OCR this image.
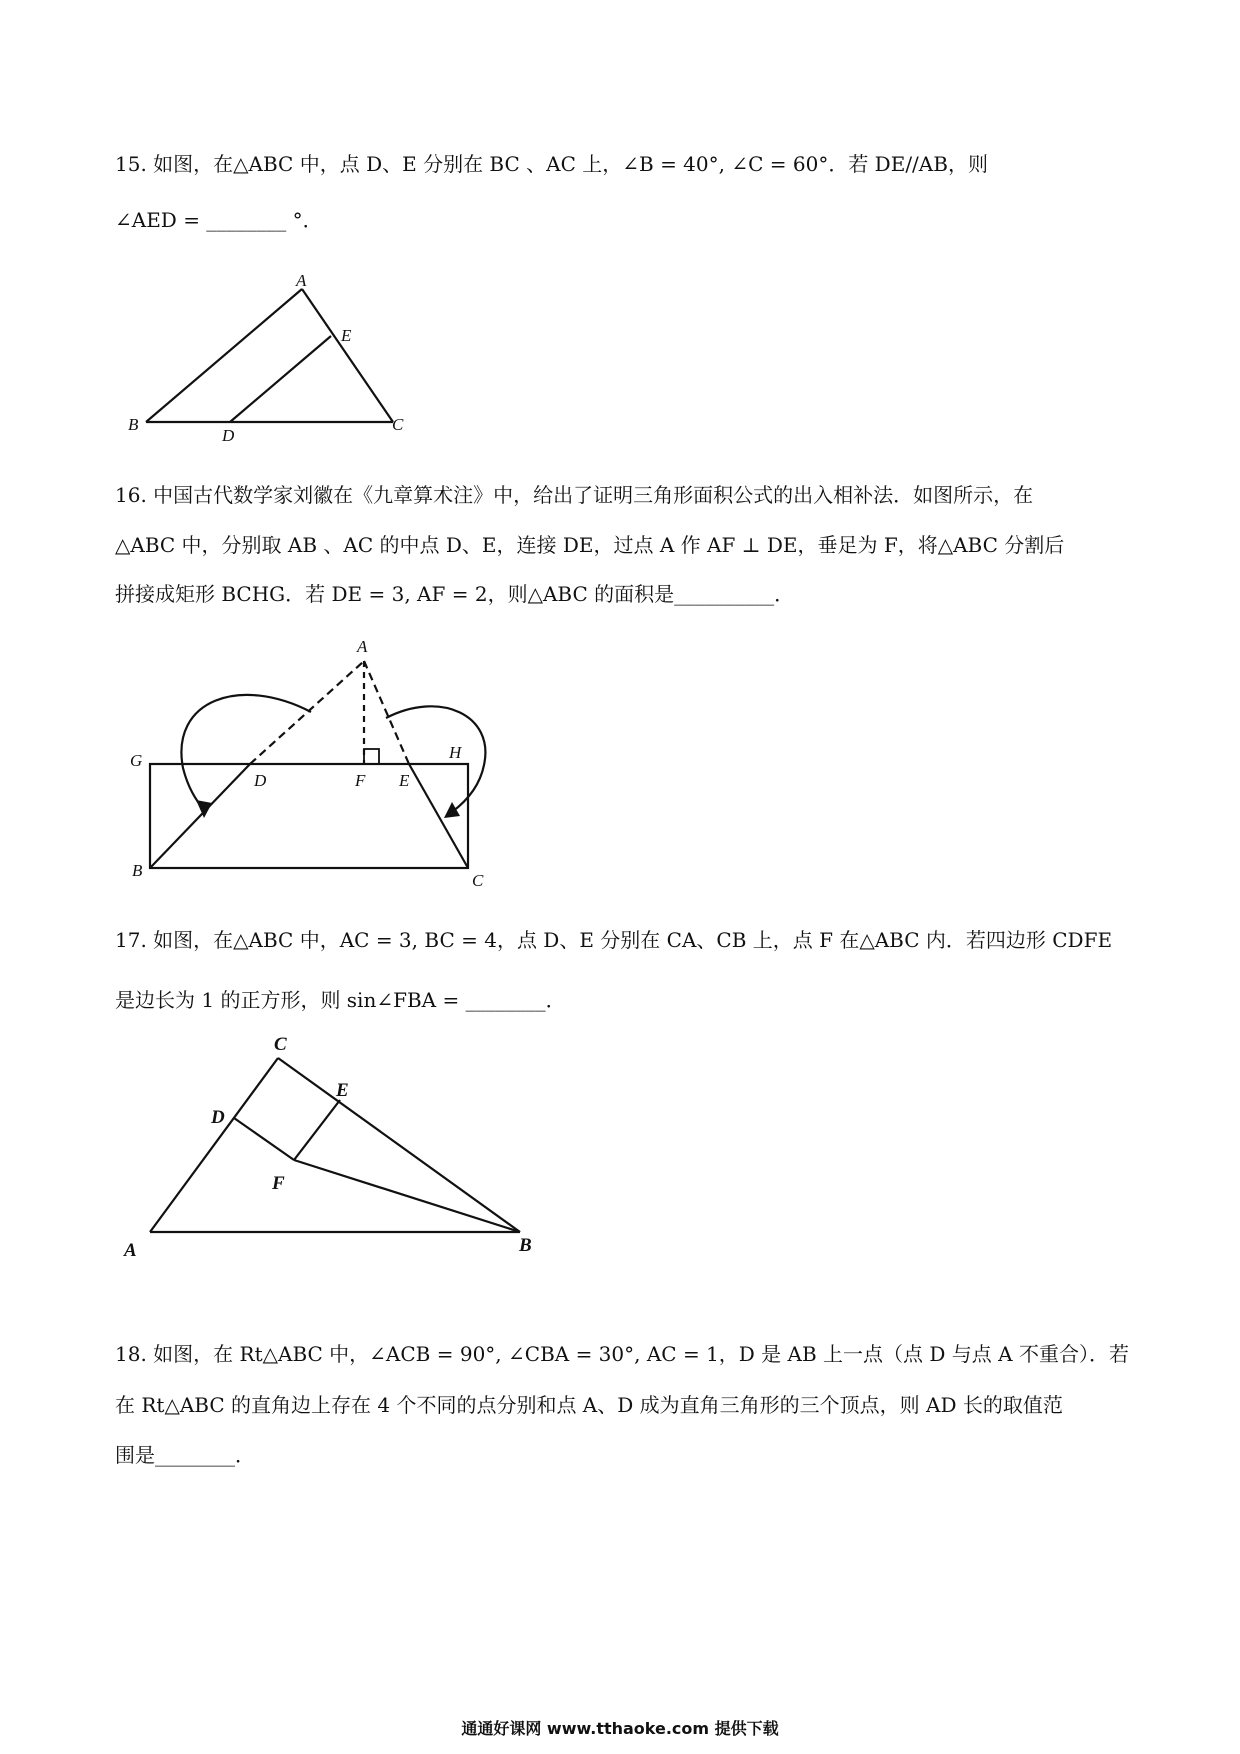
15. 如图，在△ABC 中，点 D、E 分别在 BC 、AC 上，∠B = 40°, ∠C = 60°．若 DE//AB，则
∠AED = ________ °．
A
B	C
D
E
16. 中国古代数学家刘徽在《九章算术注》中，给出了证明三角形面积公式的出入相补法．如图所示，在
△ABC 中，分别取 AB 、AC 的中点 D、E，连接 DE，过点 A 作 AF ⊥ DE，垂足为 F，将△ABC 分割后
拼接成矩形 BCHG．若 DE = 3, AF = 2，则△ABC 的面积是__________．
A
B
C
D	E
F
G	H
17. 如图，在△ABC 中，AC = 3, BC = 4，点 D、E 分别在 CA、CB 上，点 F 在△ABC 内．若四边形 CDFE
是边长为 1 的正方形，则 sin∠FBA = ________．
C
D
E
F
A	B
18. 如图，在 Rt△ABC 中，∠ACB = 90°, ∠CBA = 30°, AC = 1，D 是 AB 上一点（点 D 与点 A 不重合）．若
在 Rt△ABC 的直角边上存在 4 个不同的点分别和点 A、D 成为直角三角形的三个顶点，则 AD 长的取值范
围是________．
通通好课网 www.tthaoke.com 提供下载
